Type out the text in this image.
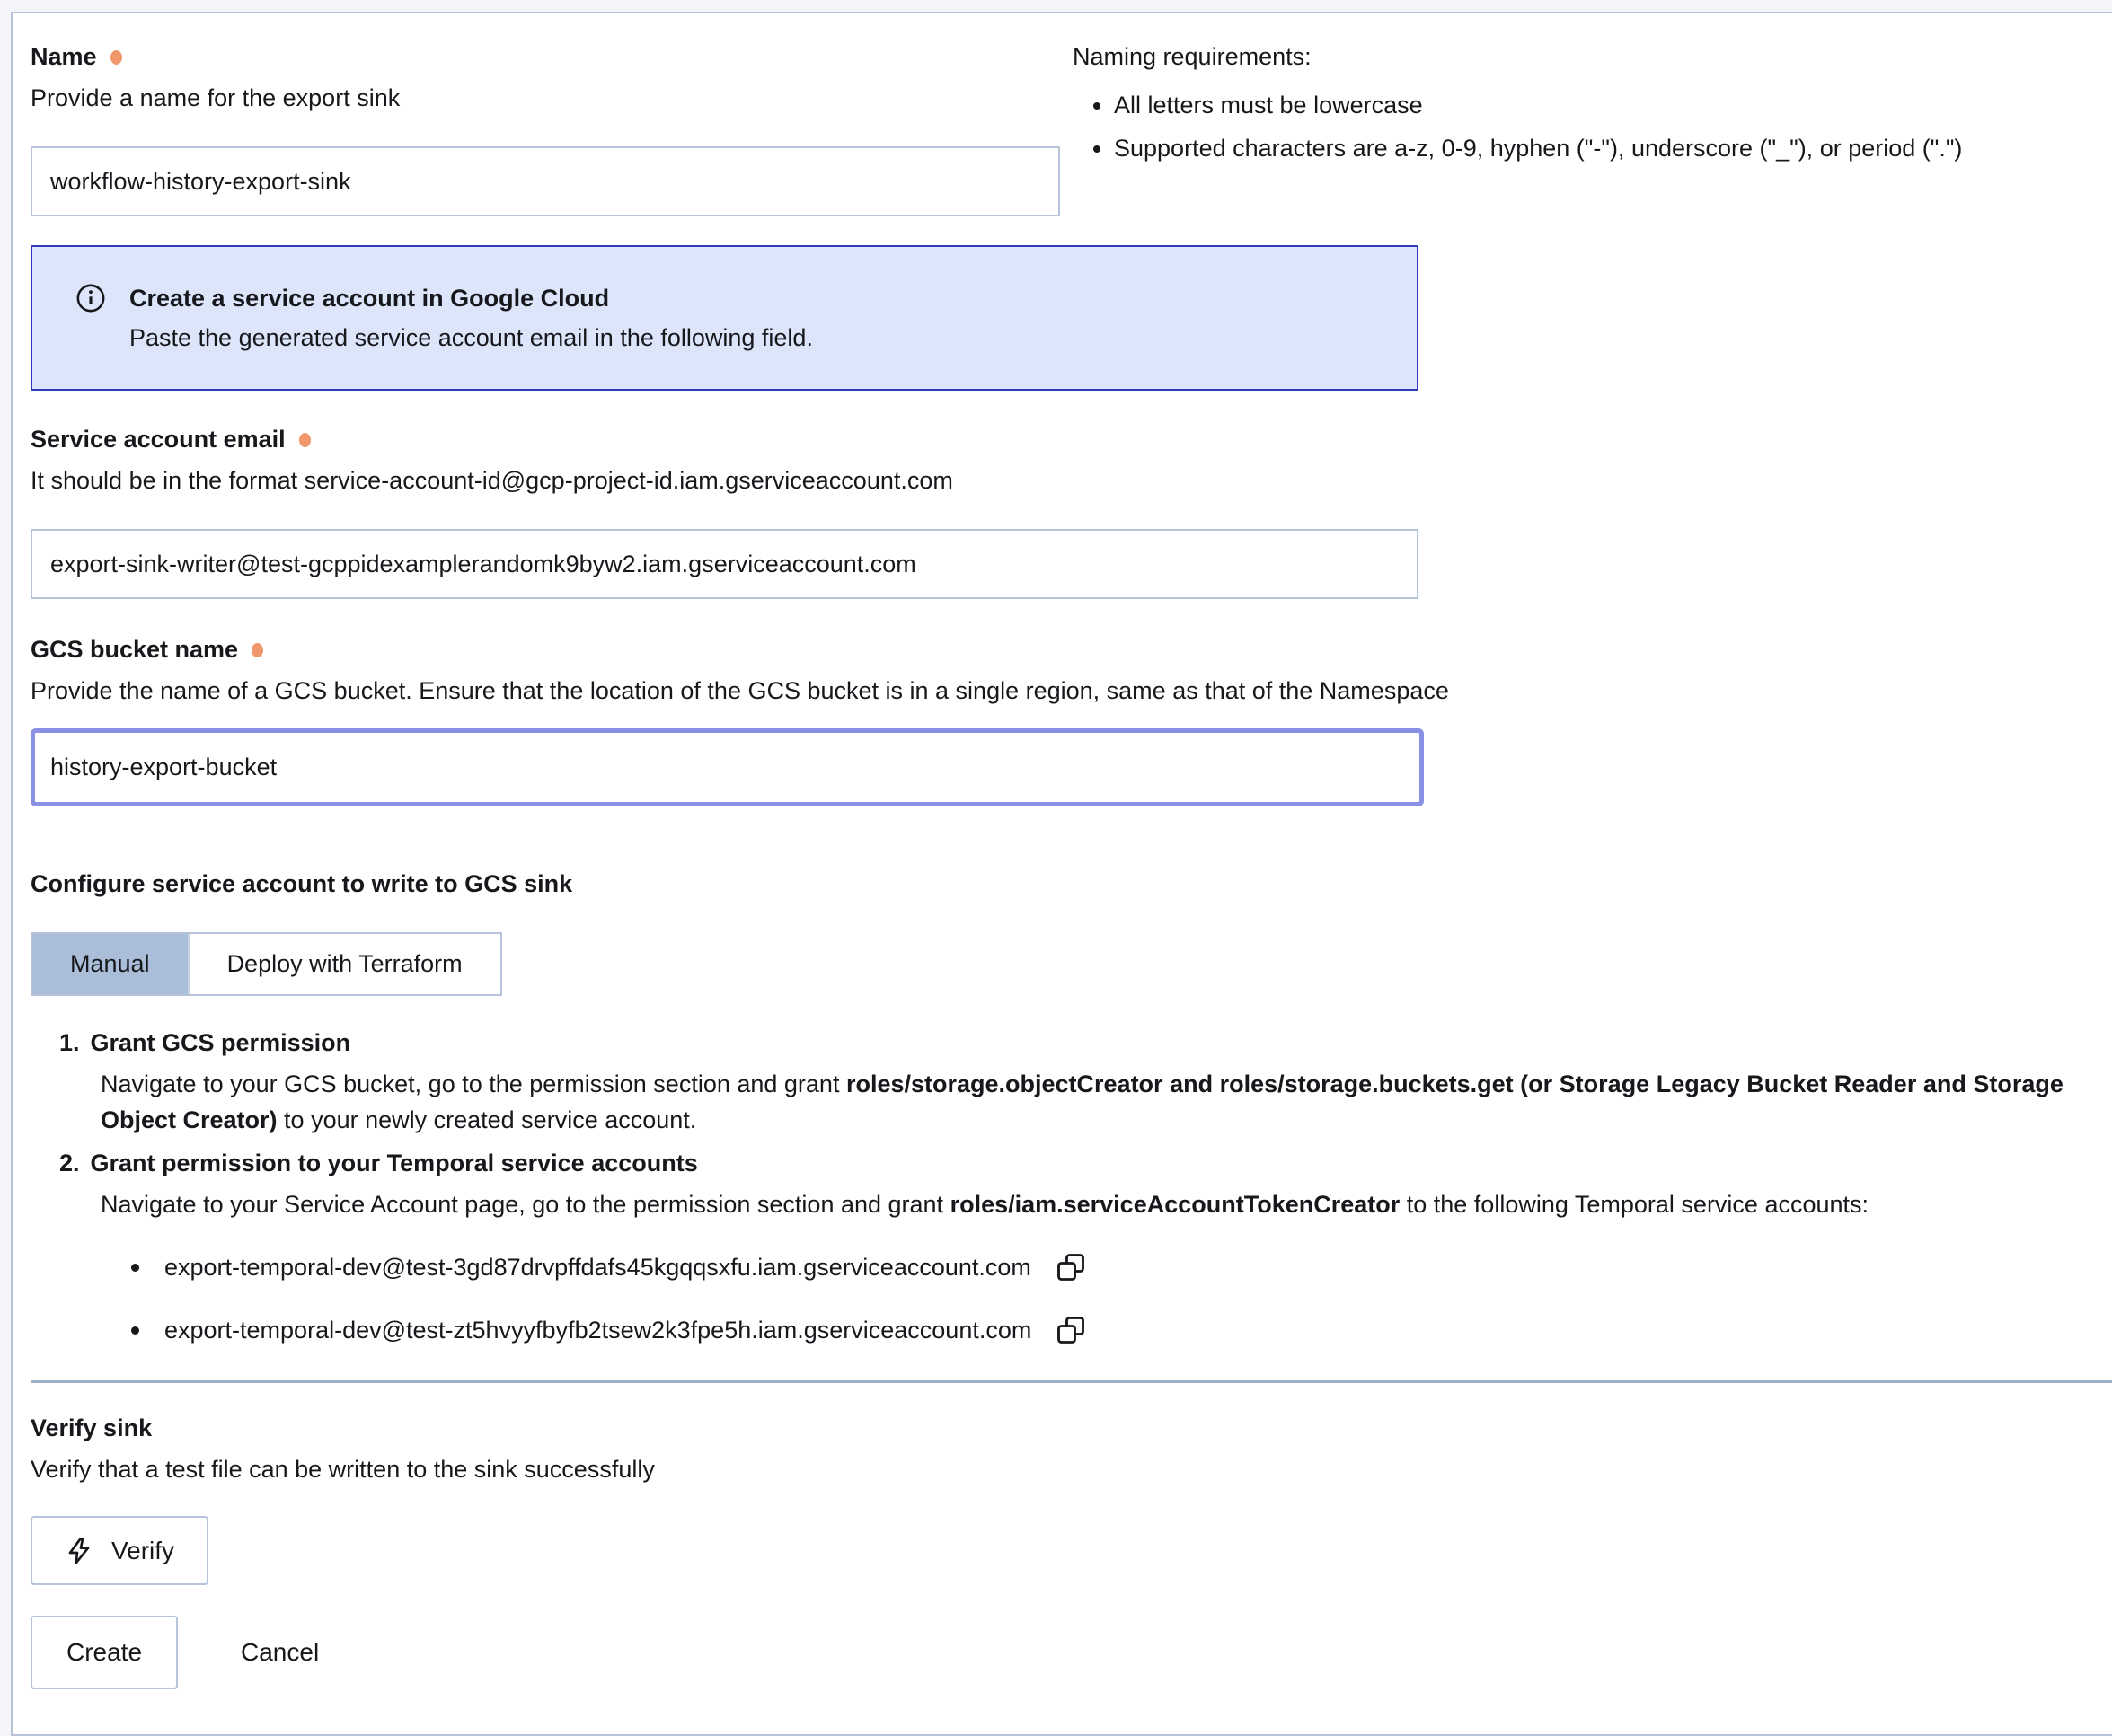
Name
Provide a name for the export sink
workflow-history-export-sink
Naming requirements:
• All letters must be lowercase
• Supported characters are a-z, 0-9, hyphen ("-"), underscore ("_"), or period (".")
Create a service account in Google Cloud
Paste the generated service account email in the following field.
Service account email
It should be in the format service-account-id@gcp-project-id.iam.gserviceaccount.com
export-sink-writer@test-gcppidexamplerandomk9byw2.iam.gserviceaccount.com
GCS bucket name
Provide the name of a GCS bucket. Ensure that the location of the GCS bucket is in a single region, same as that of the Namespace
history-export-bucket
Configure service account to write to GCS sink
Manual	Deploy with Terraform
1. Grant GCS permission
Navigate to your GCS bucket, go to the permission section and grant roles/storage.objectCreator and roles/storage.buckets.get (or Storage Legacy Bucket Reader and Storage Object Creator) to your newly created service account.
2. Grant permission to your Temporal service accounts
Navigate to your Service Account page, go to the permission section and grant roles/iam.serviceAccountTokenCreator to the following Temporal service accounts:
export-temporal-dev@test-3gd87drvpffdafs45kgqqsxfu.iam.gserviceaccount.com
export-temporal-dev@test-zt5hvyyfbyfb2tsew2k3fpe5h.iam.gserviceaccount.com
Verify sink
Verify that a test file can be written to the sink successfully
Verify
Create	Cancel
